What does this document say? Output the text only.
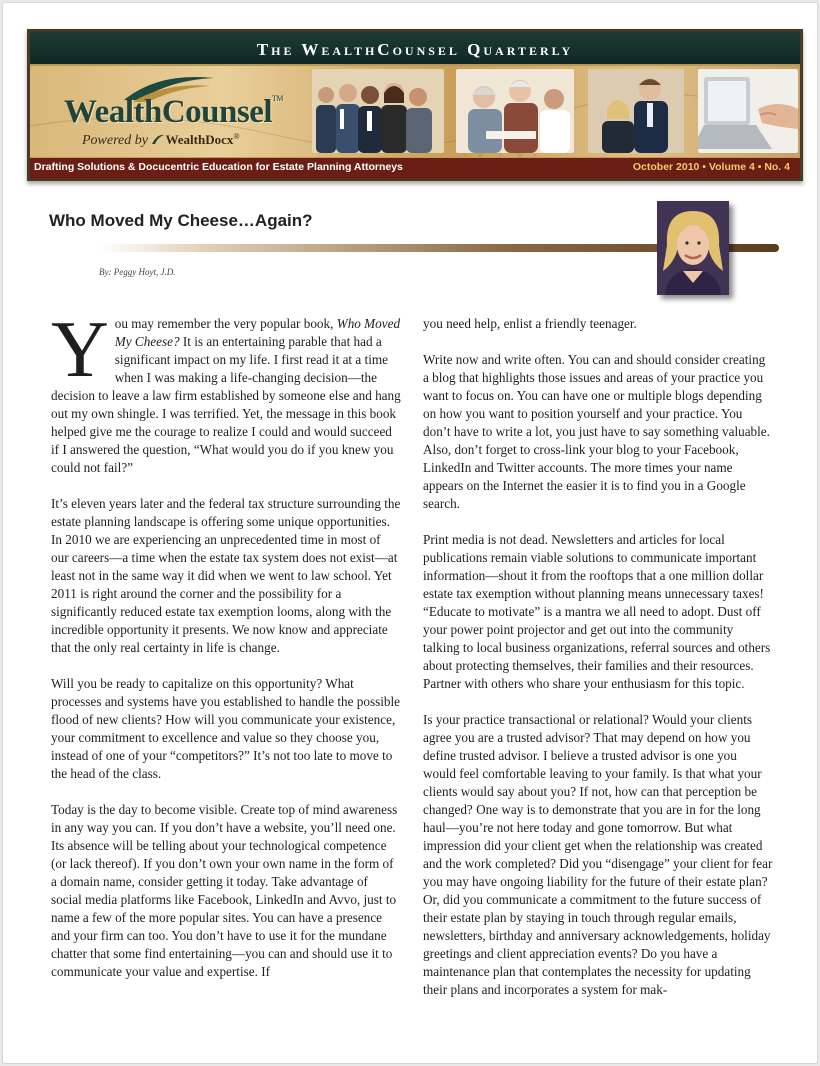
The WealthCounsel Quarterly
WealthCounsel™
Powered by WealthDocx®
Drafting Solutions & Docucentric Education for Estate Planning Attorneys	October 2010 • Volume 4 • No. 4
Who Moved My Cheese…Again?
By: Peggy Hoyt, J.D.

You may remember the very popular book, Who Moved My Cheese? It is an entertaining parable that had a significant impact on my life. I first read it at a time when I was making a life-changing decision—the decision to leave a law firm established by someone else and hang out my own shingle. I was terrified. Yet, the message in this book helped give me the courage to realize I could and would succeed if I answered the question, “What would you do if you knew you could not fail?”

It’s eleven years later and the federal tax structure surrounding the estate planning landscape is offering some unique opportunities. In 2010 we are experiencing an unprecedented time in most of our careers—a time when the estate tax system does not exist—at least not in the same way it did when we went to law school. Yet 2011 is right around the corner and the possibility for a significantly reduced estate tax exemption looms, along with the incredible opportunity it presents. We now know and appreciate that the only real certainty in life is change.

Will you be ready to capitalize on this opportunity? What processes and systems have you established to handle the possible flood of new clients? How will you communicate your existence, your commitment to excellence and value so they choose you, instead of one of your “competitors?” It’s not too late to move to the head of the class.

Today is the day to become visible. Create top of mind awareness in any way you can. If you don’t have a website, you’ll need one. Its absence will be telling about your technological competence (or lack thereof). If you don’t own your own name in the form of a domain name, consider getting it today. Take advantage of social media platforms like Facebook, LinkedIn and Avvo, just to name a few of the more popular sites. You can have a presence and your firm can too. You don’t have to use it for the mundane chatter that some find entertaining—you can and should use it to communicate your value and expertise. If

you need help, enlist a friendly teenager.

Write now and write often. You can and should consider creating a blog that highlights those issues and areas of your practice you want to focus on. You can have one or multiple blogs depending on how you want to position yourself and your practice. You don’t have to write a lot, you just have to say something valuable. Also, don’t forget to cross-link your blog to your Facebook, LinkedIn and Twitter accounts. The more times your name appears on the Internet the easier it is to find you in a Google search.

Print media is not dead. Newsletters and articles for local publications remain viable solutions to communicate important information—shout it from the rooftops that a one million dollar estate tax exemption without planning means unnecessary taxes! “Educate to motivate” is a mantra we all need to adopt. Dust off your power point projector and get out into the community talking to local business organizations, referral sources and others about protecting themselves, their families and their resources. Partner with others who share your enthusiasm for this topic.

Is your practice transactional or relational? Would your clients agree you are a trusted advisor? That may depend on how you define trusted advisor. I believe a trusted advisor is one you would feel comfortable leaving to your family. Is that what your clients would say about you? If not, how can that perception be changed? One way is to demonstrate that you are in for the long haul—you’re not here today and gone tomorrow. But what impression did your client get when the relationship was created and the work completed? Did you “disengage” your client for fear you may have ongoing liability for the future of their estate plan? Or, did you communicate a commitment to the future success of their estate plan by staying in touch through regular emails, newsletters, birthday and anniversary acknowledgements, holiday greetings and client appreciation events? Do you have a maintenance plan that contemplates the necessity for updating their plans and incorporates a system for mak-
